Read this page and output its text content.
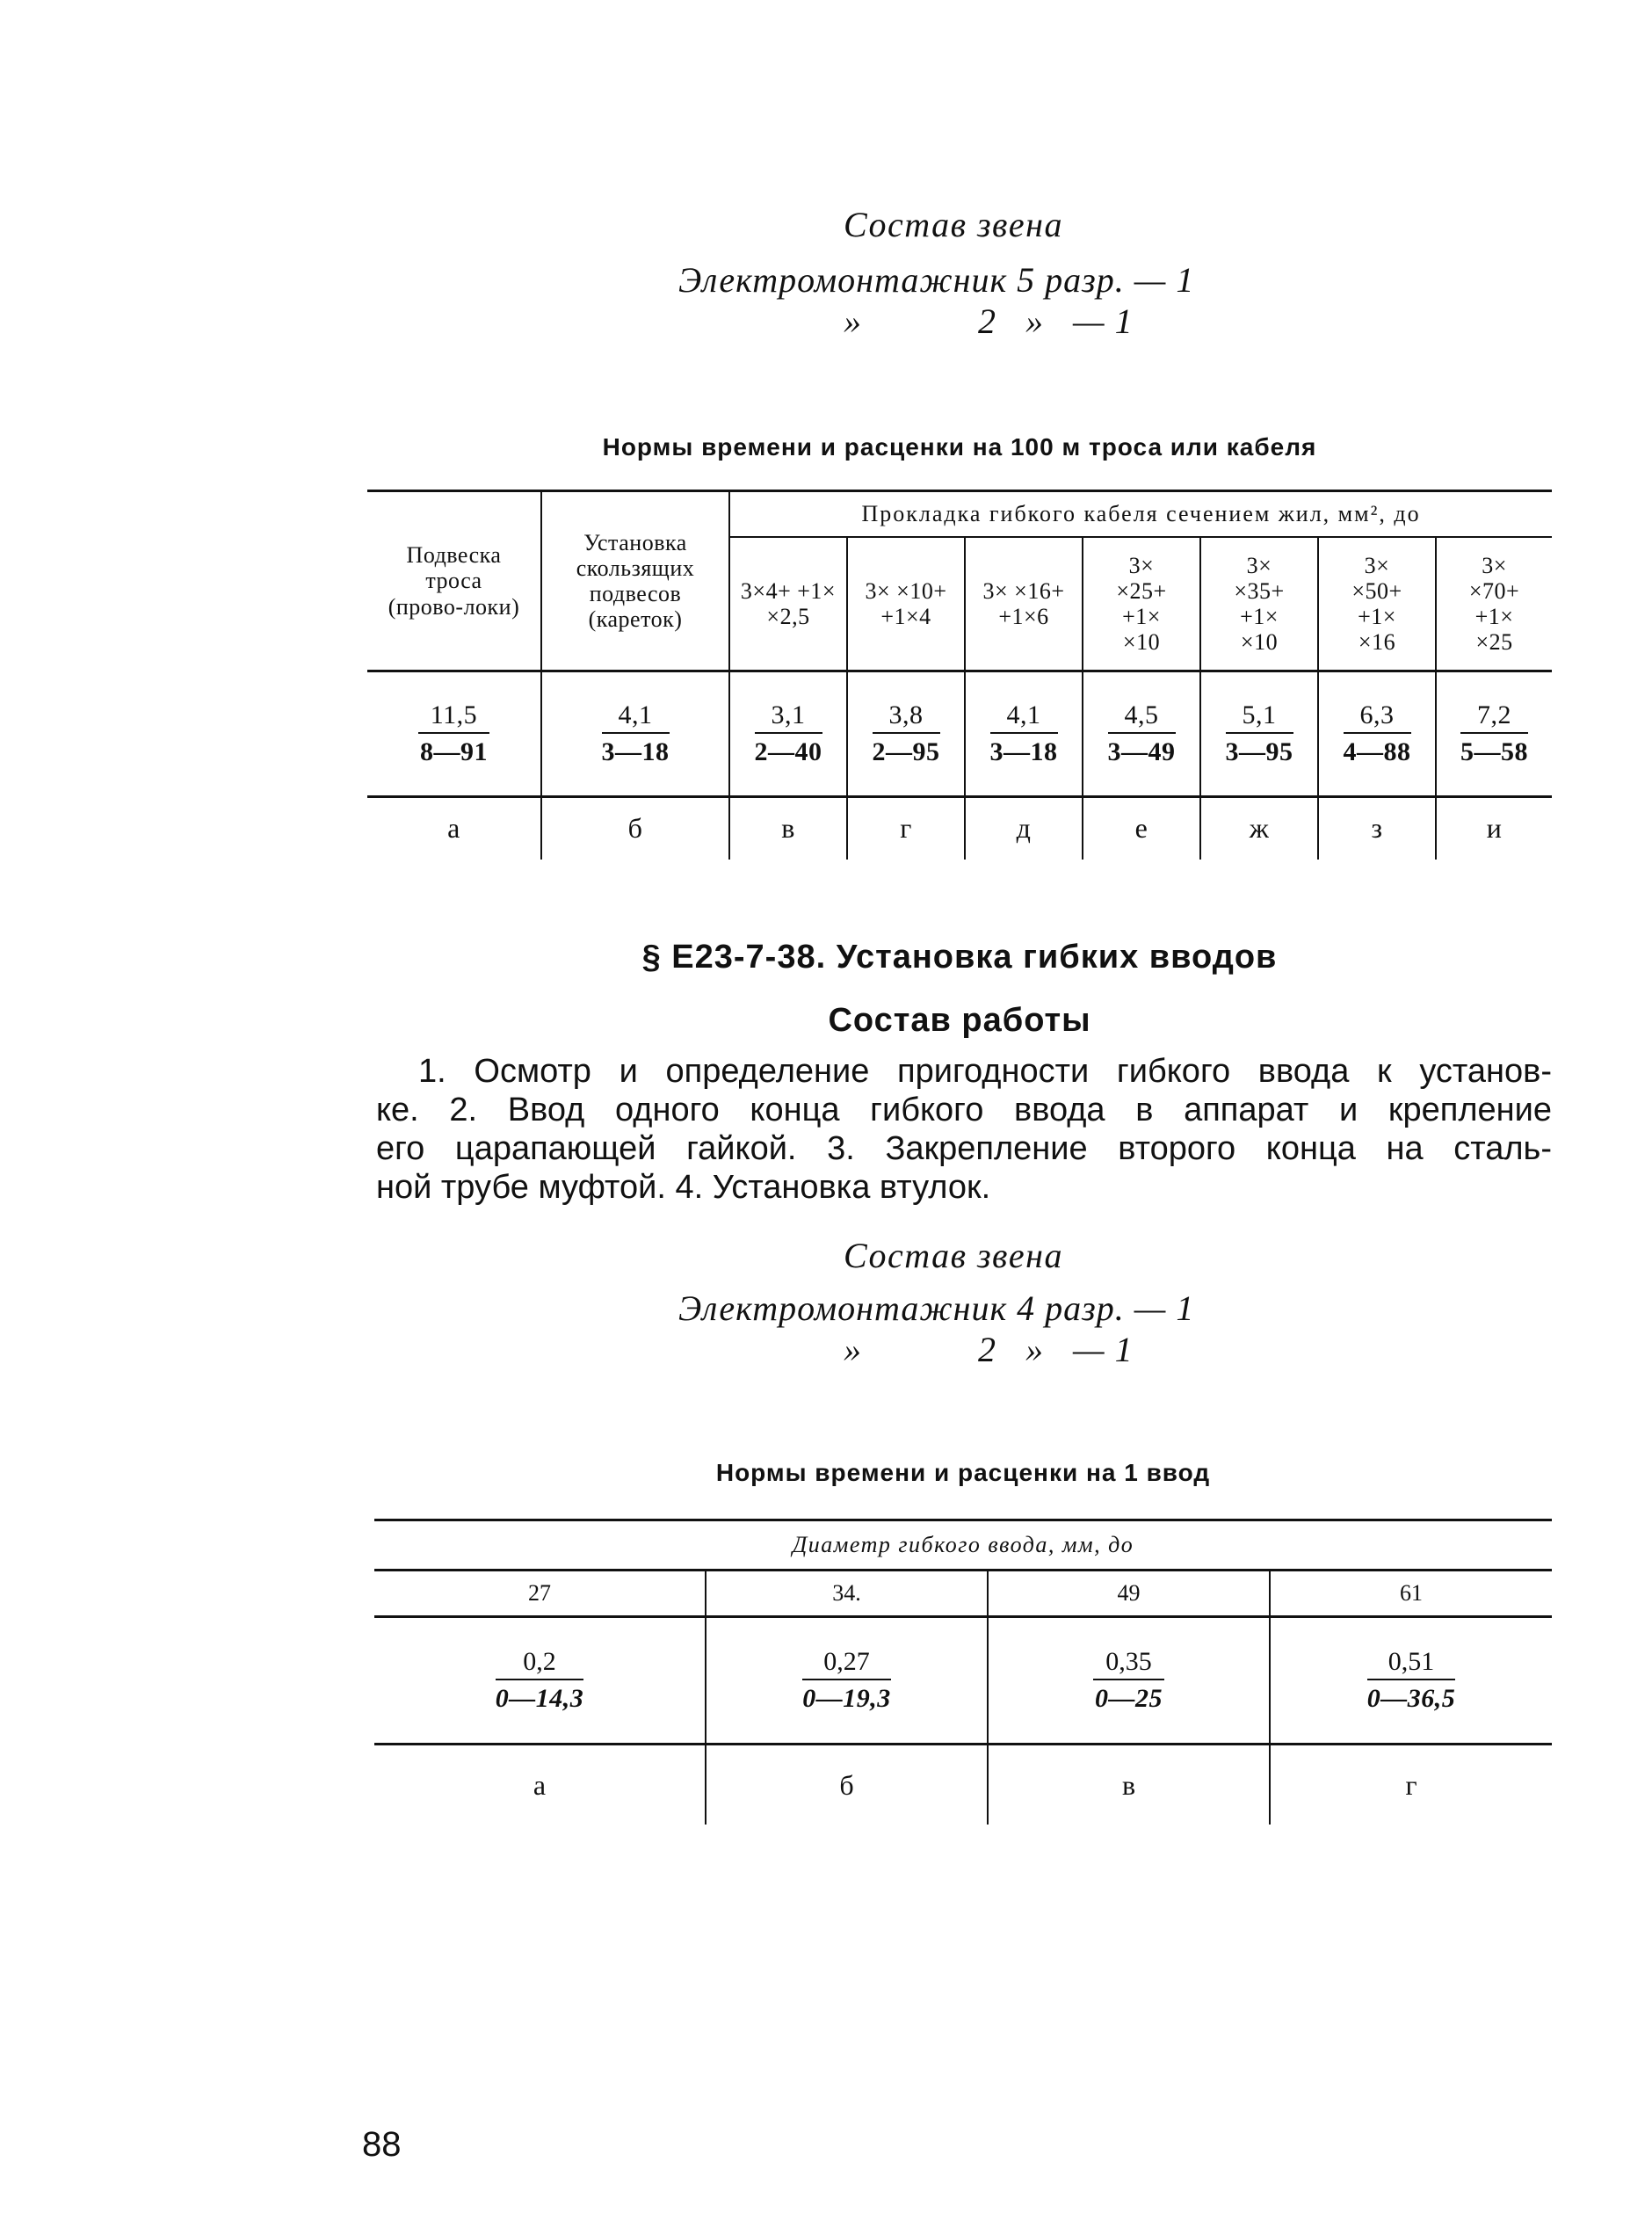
Состав звена
Электромонтажник 5 разр. — 1
»            2   »   — 1
Нормы времени и расценки на 100 м троса или кабеля
Подвеска троса (прово-локи)	Установка скользящих подвесов (кареток)	Прокладка гибкого кабеля сечением жил, мм², до						
		3×4+ +1× ×2,5	3× ×10+ +1×4	3× ×16+ +1×6	3× ×25+ +1× ×10	3× ×35+ +1× ×10	3× ×50+ +1× ×16	3× ×70+ +1× ×25

$\frac{11,5}{8—91}$	$\frac{4,1}{3—18}$	$\frac{3,1}{2—40}$	$\frac{3,8}{2—95}$	$\frac{4,1}{3—18}$	$\frac{4,5}{3—49}$	$\frac{5,1}{3—95}$	$\frac{6,3}{4—88}$	$\frac{7,2}{5—58}$

а	б	в	г	д	е	ж	з	и
§ Е23-7-38. Установка гибких вводов
Состав работы
1. Осмотр и определение пригодности гибкого ввода к установ-
ке. 2. Ввод одного конца гибкого ввода в аппарат и крепление
его царапающей гайкой. 3. Закрепление второго конца на сталь-
ной трубе муфтой. 4. Установка втулок.
Состав звена
Электромонтажник 4 разр. — 1
»            2   »   — 1
Нормы времени и расценки на 1 ввод
Диаметр гибкого ввода, мм, до			
27	34.	49	61

$\frac{0,2}{0—14,3}$	$\frac{0,27}{0—19,3}$	$\frac{0,35}{0—25}$	$\frac{0,51}{0—36,5}$

а	б	в	г
88
